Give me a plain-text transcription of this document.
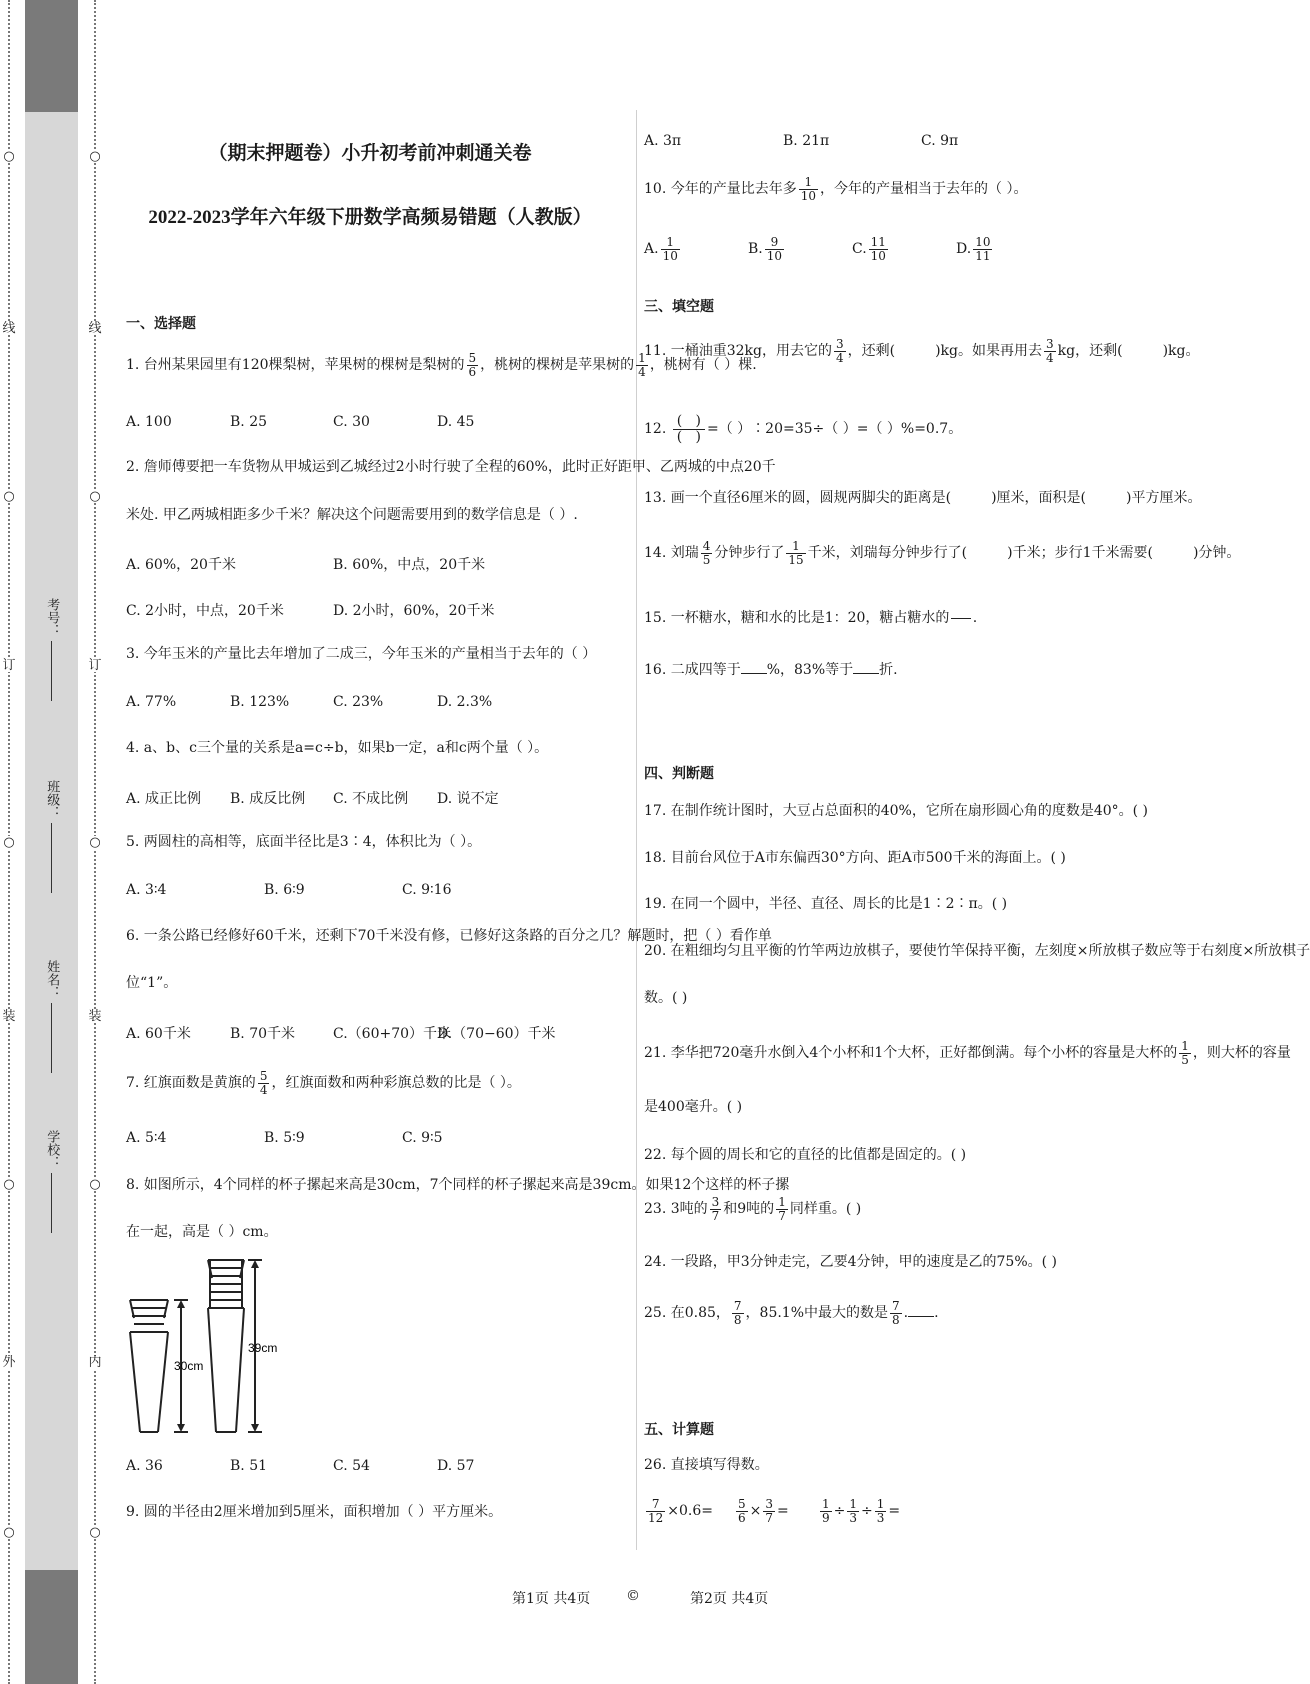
○
线
○
订
○
装
○
外
○
考号：
班级：
姓名：
学校：
○
线
○
订
○
装
○
内
○
（期末押题卷）小升初考前冲刺通关卷
2022-2023学年六年级下册数学高频易错题（人教版）
一、选择题
1. 台州某果园里有120棵梨树，苹果树的棵树是梨树的 $\frac{5}{6}$ ，桃树的棵树是苹果树的 $\frac{1}{4}$ ，桃树有（ ）棵.
A. 100	B. 25	C. 30	D. 45
2. 詹师傅要把一车货物从甲城运到乙城经过2小时行驶了全程的60%，此时正好距甲、乙两城的中点20千
米处. 甲乙两城相距多少千米？解决这个问题需要用到的数学信息是（ ）.
A. 60%，20千米	B. 60%，中点，20千米
C. 2小时，中点，20千米	D. 2小时，60%，20千米
3. 今年玉米的产量比去年增加了二成三，今年玉米的产量相当于去年的（ ）
A. 77%	B. 123%	C. 23%	D. 2.3%
4. a、b、c三个量的关系是a=c÷b，如果b一定，a和c两个量（ ）。
A. 成正比例 B. 成反比例 C. 不成比例 D. 说不定
5. 两圆柱的高相等，底面半径比是3∶4，体积比为（ ）。
A. 3∶4	B. 6∶9	C. 9∶16
6. 一条公路已经修好60千米，还剩下70千米没有修，已修好这条路的百分之几？解题时，把（ ）看作单
位“1”。
A. 60千米	B. 70千米	C.（60+70）千米
D.（70−60）千米
7. 红旗面数是黄旗的 $\frac{5}{4}$ ，红旗面数和两种彩旗总数的比是（ ）。
A. 5∶4	B. 5∶9	C. 9∶5
8. 如图所示，4个同样的杯子摞起来高是30cm，7个同样的杯子摞起来高是39cm。如果12个这样的杯子摞
在一起，高是（ ）cm。
30cm
39cm
A. 36	B. 51	C. 54	D. 57
9. 圆的半径由2厘米增加到5厘米，面积增加（ ）平方厘米。
A. 3π	B. 21π	C. 9π
10. 今年的产量比去年多 $\frac{1}{10}$ ，今年的产量相当于去年的（ ）。
A. $\frac{1}{10}$	B. $\frac{9}{10}$	C. $\frac{11}{10}$	D. $\frac{10}{11}$
三、填空题
11. 一桶油重32kg，用去它的 $\frac{3}{4}$ ，还剩(	)kg。如果再用去 $\frac{3}{4}$ kg，还剩(	)kg。
12. $\frac{( )}{( )}$ =（ ）∶20=35÷（ ）=（ ）%=0.7。
13. 画一个直径6厘米的圆，圆规两脚尖的距离是(	)厘米，面积是(	)平方厘米。
14. 刘瑞 $\frac{4}{5}$ 分钟步行了 $\frac{1}{15}$ 千米，刘瑞每分钟步行了(	)千米；步行1千米需要(	)分钟。
15. 一杯糖水，糖和水的比是1：20，糖占糖水的

.
16. 二成四等于 %，83%等于 折.
四、判断题
17. 在制作统计图时，大豆占总面积的40%，它所在扇形圆心角的度数是40°。( )
18. 目前台风位于A市东偏西30°方向、距A市500千米的海面上。( )
19. 在同一个圆中，半径、直径、周长的比是1∶2∶π。( )
20. 在粗细均匀且平衡的竹竿两边放棋子，要使竹竿保持平衡，左刻度×所放棋子数应等于右刻度×所放棋子
数。( )
21. 李华把720毫升水倒入4个小杯和1个大杯，正好都倒满。每个小杯的容量是大杯的 $\frac{1}{5}$ ，则大杯的容量
是400毫升。( )
22. 每个圆的周长和它的直径的比值都是固定的。( )
23. 3吨的 $\frac{3}{7}$ 和9吨的 $\frac{1}{7}$ 同样重。( )
24. 一段路，甲3分钟走完，乙要4分钟，甲的速度是乙的75%。( )
25. 在0.85， $\frac{7}{8}$ ，85.1%中最大的数是 $\frac{7}{8}$ . .
五、计算题
26. 直接填写得数。
$\frac{7}{12} \times 0.6= \frac{5}{6} \times \frac{3}{7}$ =	$\frac{1}{9} \div \frac{1}{3} \div \frac{1}{3}$ =
第1页 共4页	©	第2页 共4页
